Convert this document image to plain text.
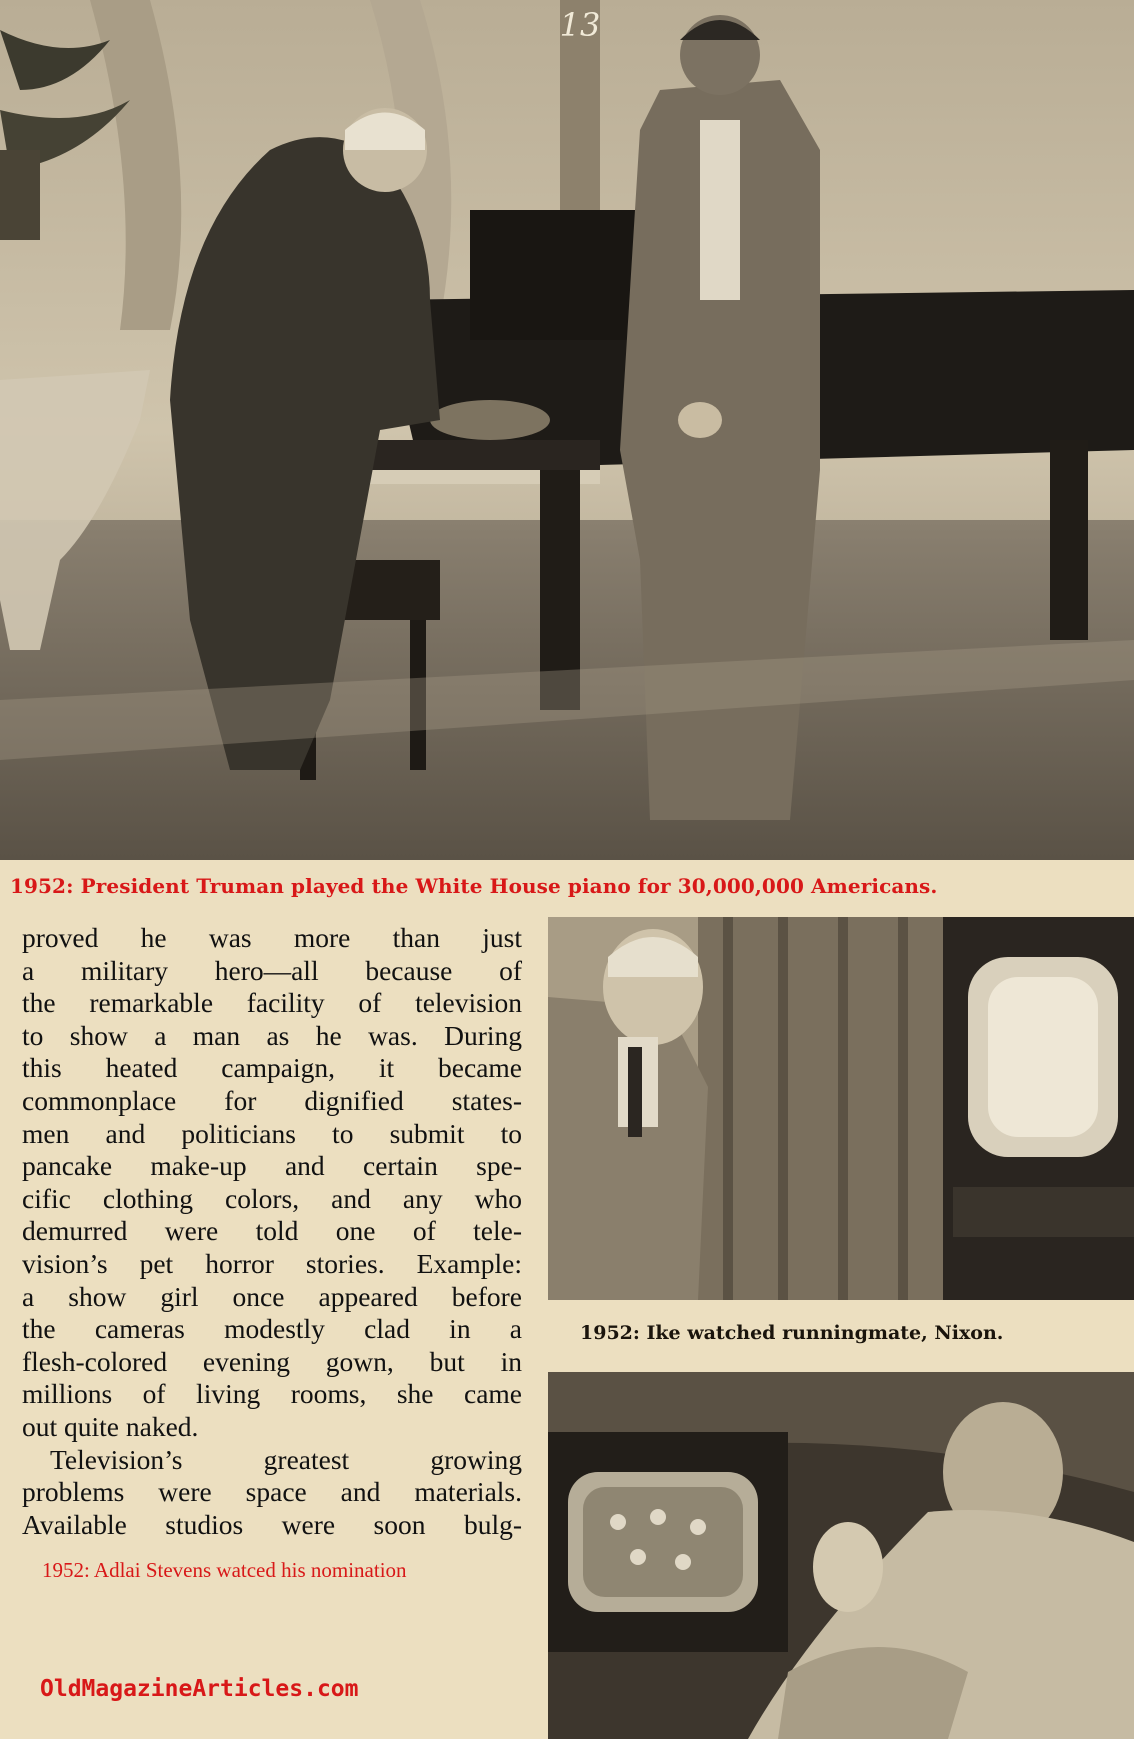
13
1952: President Truman played the White House piano for 30,000,000 Americans.
proved he was more than just
a military hero—all because of
the remarkable facility of television
to show a man as he was. During
this heated campaign, it became
commonplace for dignified states-
men and politicians to submit to
pancake make-up and certain spe-
cific clothing colors, and any who
demurred were told one of tele-
vision’s pet horror stories. Example:
a show girl once appeared before
the cameras modestly clad in a
flesh-colored evening gown, but in
millions of living rooms, she came
out quite naked.
Television’s greatest growing
problems were space and materials.
Available studios were soon bulg-
1952: Ike watched runningmate, Nixon.
1952: Adlai Stevens watced his nomination
OldMagazineArticles.com
